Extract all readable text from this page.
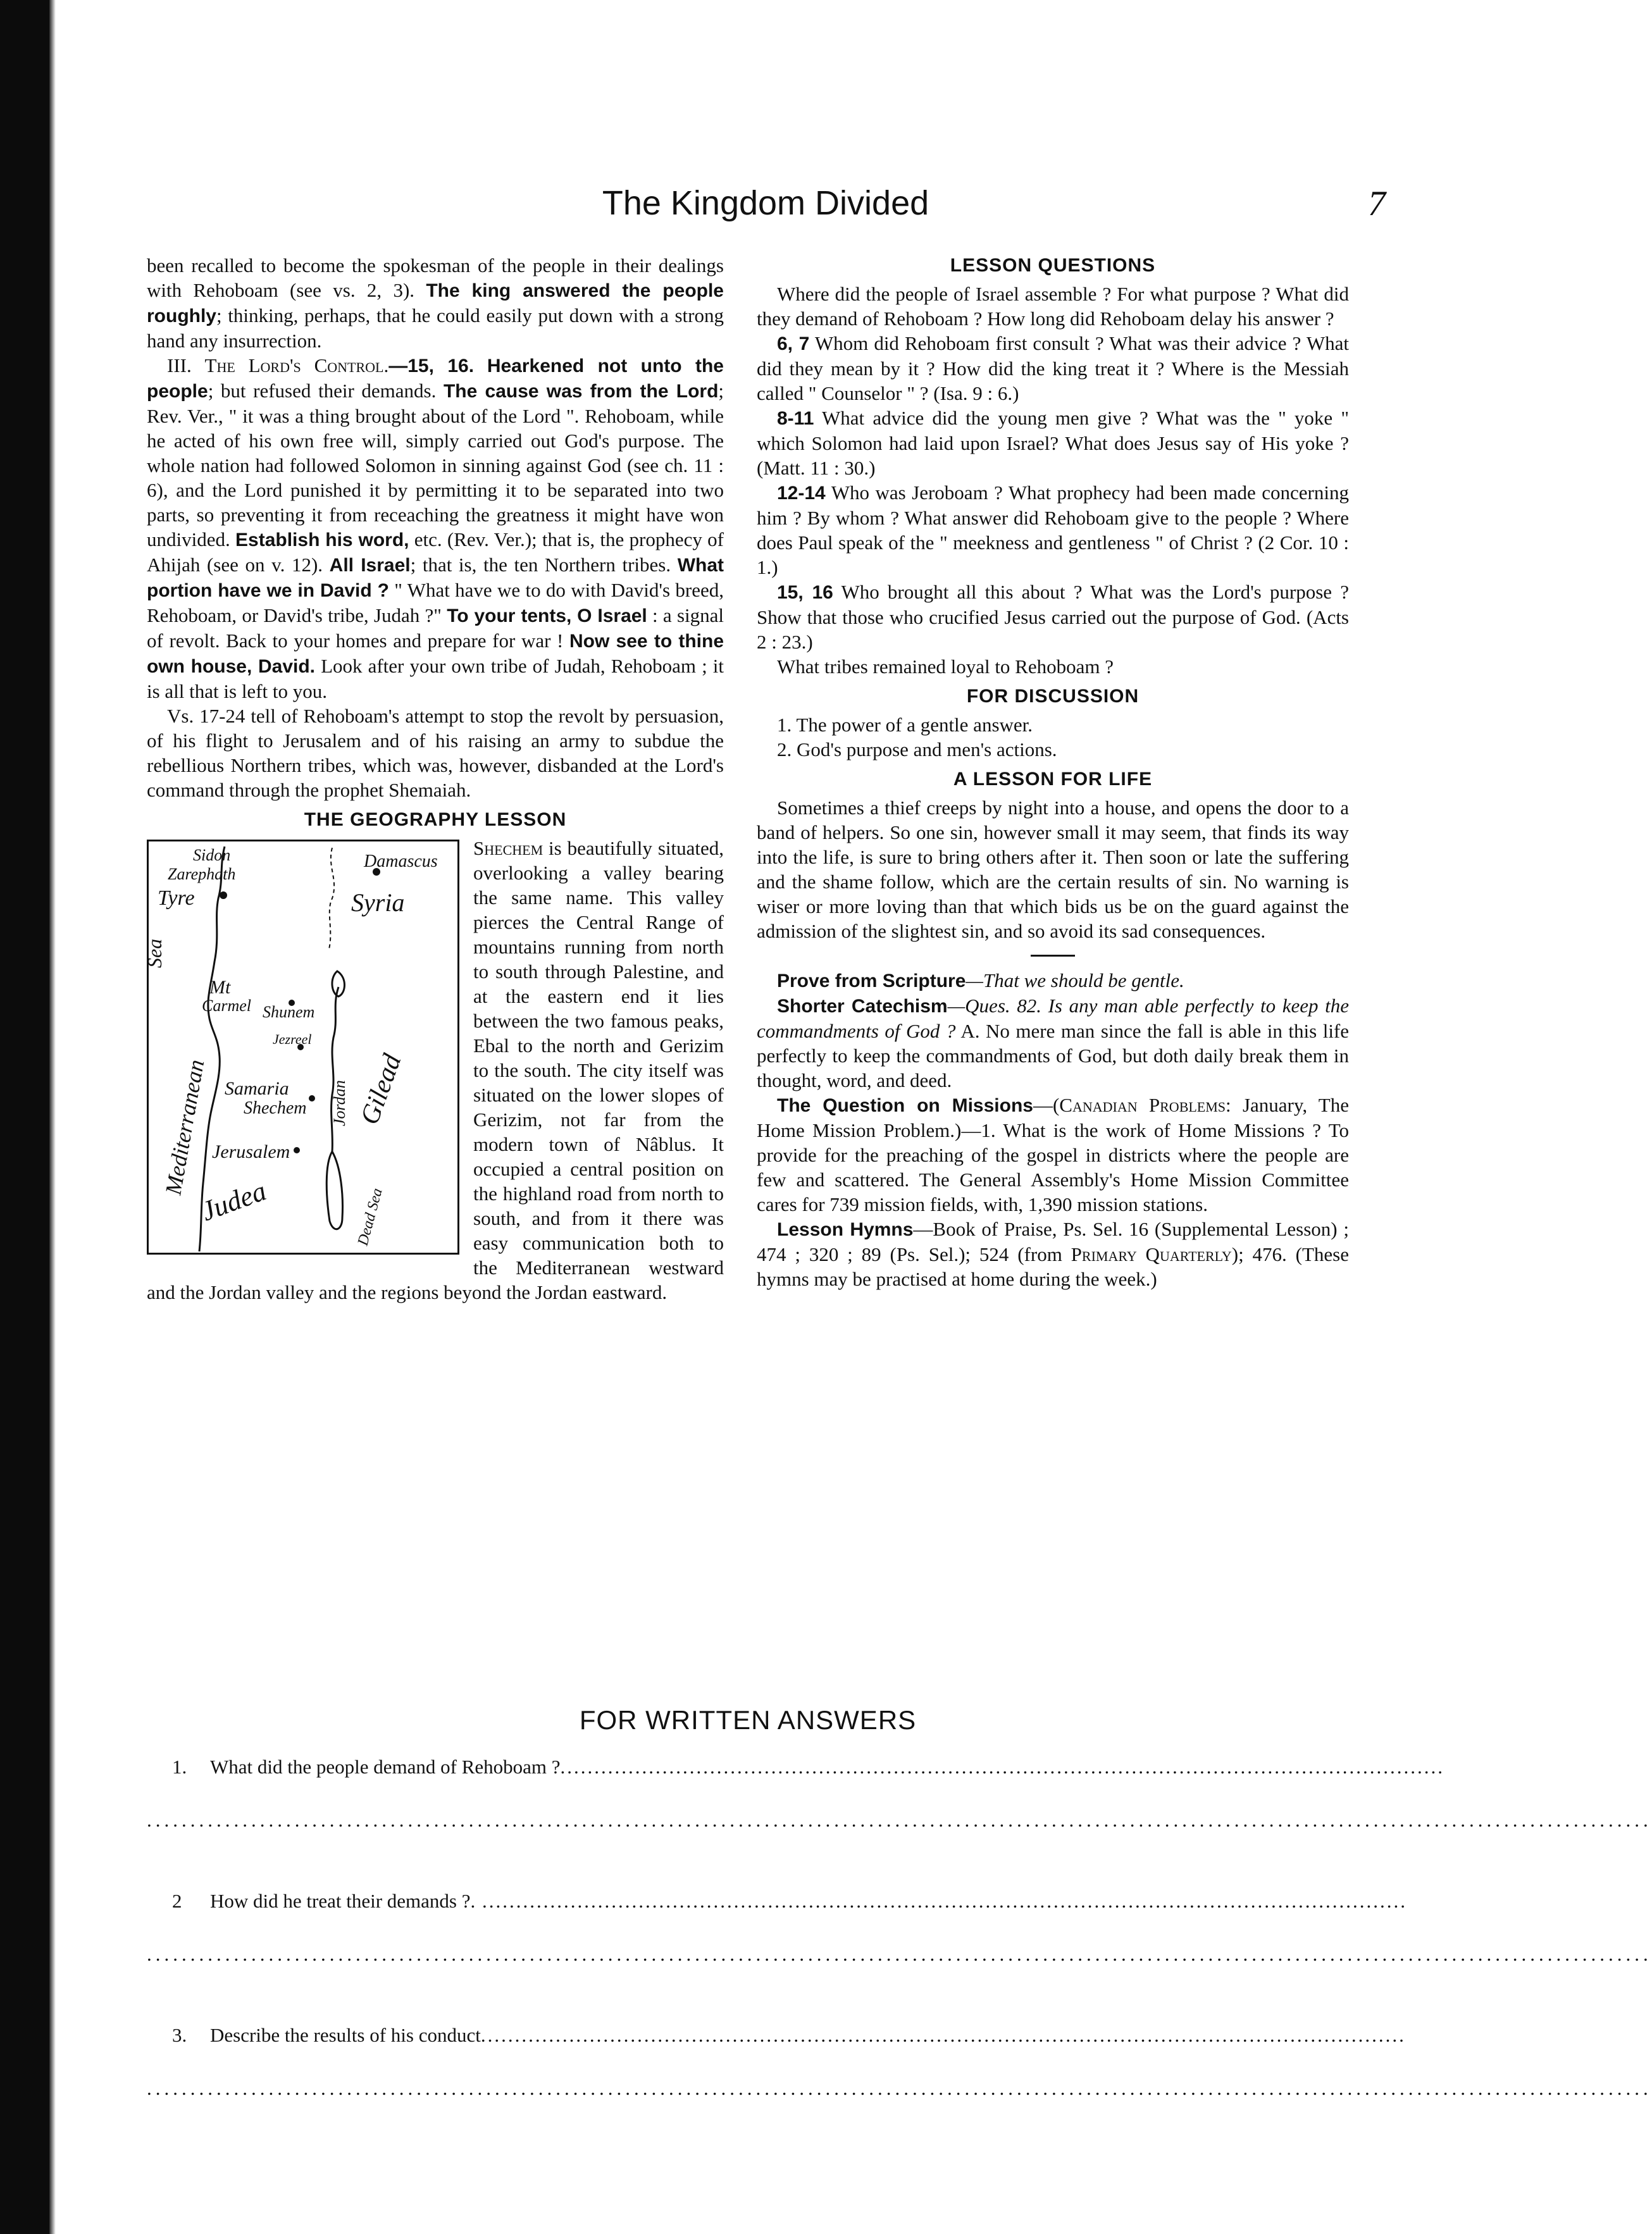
The Kingdom Divided	7

been recalled to become the spokesman of the people in their dealings with Rehoboam (see vs. 2, 3). The king answered the people roughly; thinking, perhaps, that he could easily put down with a strong hand any insurrection.

III. The Lord's Control.—15, 16. Hearkened not unto the people; but refused their demands. The cause was from the Lord; Rev. Ver., " it was a thing brought about of the Lord ". Rehoboam, while he acted of his own free will, simply carried out God's purpose. The whole nation had followed Solomon in sinning against God (see ch. 11 : 6), and the Lord punished it by permitting it to be separated into two parts, so preventing it from receaching the greatness it might have won undivided. Establish his word, etc. (Rev. Ver.); that is, the prophecy of Ahijah (see on v. 12). All Israel; that is, the ten Northern tribes. What portion have we in David ? " What have we to do with David's breed, Rehoboam, or David's tribe, Judah ?" To your tents, O Israel : a signal of revolt. Back to your homes and prepare for war ! Now see to thine own house, David. Look after your own tribe of Judah, Rehoboam ; it is all that is left to you.

Vs. 17-24 tell of Rehoboam's attempt to stop the revolt by persuasion, of his flight to Jerusalem and of his raising an army to subdue the rebellious Northern tribes, which was, however, disbanded at the Lord's command through the prophet Shemaiah.

THE GEOGRAPHY LESSON
Sidon
Zarephath
Damascus
Syria
Tyre
Sea
Mediterranean
Mt
Carmel Shunem
Jezreel
Jordan Gilead
Samaria
Shechem
Jerusalem
Judea	Dead Sea

Shechem is beautifully situated, overlooking a valley bearing the same name. This valley pierces the Central Range of mountains running from north to south through Palestine, and at the eastern end it lies between the two famous peaks, Ebal to the north and Gerizim to the south. The city itself was situated on the lower slopes of Gerizim, not far from the modern town of Nâblus. It occupied a central position on the highland road from north to south, and from it there was easy communication both to the Mediterranean westward and the Jordan valley and the regions beyond the Jordan eastward.

LESSON QUESTIONS

Where did the people of Israel assemble ? For what purpose ? What did they demand of Rehoboam ? How long did Rehoboam delay his answer ?

6, 7 Whom did Rehoboam first consult ? What was their advice ? What did they mean by it ? How did the king treat it ? Where is the Messiah called " Counselor " ? (Isa. 9 : 6.)

8-11 What advice did the young men give ? What was the " yoke " which Solomon had laid upon Israel? What does Jesus say of His yoke ? (Matt. 11 : 30.)

12-14 Who was Jeroboam ? What prophecy had been made concerning him ? By whom ? What answer did Rehoboam give to the people ? Where does Paul speak of the " meekness and gentleness " of Christ ? (2 Cor. 10 : 1.)

15, 16 Who brought all this about ? What was the Lord's purpose ? Show that those who crucified Jesus carried out the purpose of God. (Acts 2 : 23.)

What tribes remained loyal to Rehoboam ?

FOR DISCUSSION

1. The power of a gentle answer.

2. God's purpose and men's actions.

A LESSON FOR LIFE

Sometimes a thief creeps by night into a house, and opens the door to a band of helpers. So one sin, however small it may seem, that finds its way into the life, is sure to bring others after it. Then soon or late the suffering and the shame follow, which are the certain results of sin. No warning is wiser or more loving than that which bids us be on the guard against the admission of the slightest sin, and so avoid its sad consequences.

Prove from Scripture—That we should be gentle.

Shorter Catechism—Ques. 82. Is any man able perfectly to keep the commandments of God ? A. No mere man since the fall is able in this life perfectly to keep the commandments of God, but doth daily break them in thought, word, and deed.

The Question on Missions—(Canadian Problems: January, The Home Mission Problem.)—1. What is the work of Home Missions ? To provide for the preaching of the gospel in districts where the people are few and scattered. The General Assembly's Home Mission Committee cares for 739 mission fields, with, 1,390 mission stations.

Lesson Hymns—Book of Praise, Ps. Sel. 16 (Supplemental Lesson) ; 474 ; 320 ; 89 (Ps. Sel.); 524 (from Primary Quarterly); 476. (These hymns may be practised at home during the week.)

FOR WRITTEN ANSWERS
1. What did the people demand of Rehoboam ?..................................................................................................................................
.............................................................................................................................................................................
2 How did he treat their demands ?. ........................................................................................................................................
.............................................................................................................................................................................
3. Describe the results of his conduct........................................................................................................................................
.............................................................................................................................................................................
